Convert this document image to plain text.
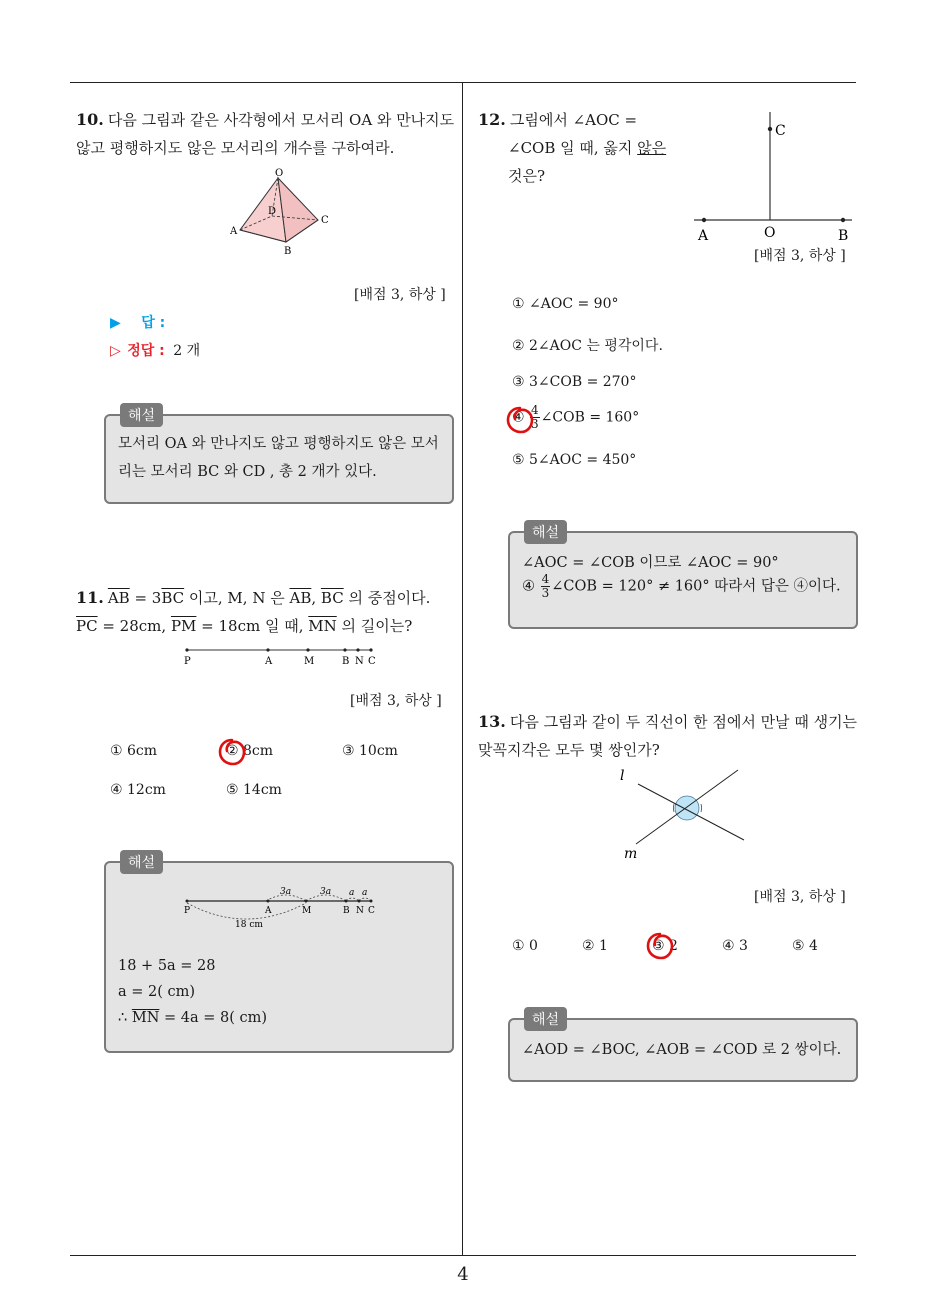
10. 다음 그림과 같은 사각형에서 모서리 OA 와 만나지도 않고 평행하지도 않은 모서리의 개수를 구하여라.
O
D
C
A
B
[배점 3, 하상 ]
▶ 답 :
▷ 정답 : 2 개
해설
모서리 OA 와 만나지도 않고 평행하지도 않은 모서리는 모서리 BC 와 CD , 총 2 개가 있다.
11. $\overline{AB} = 3\overline{BC}$ 이고, M, N 은 $\overline{AB}$, $\overline{BC}$ 의 중점이다.
$\overline{PC} = 28cm$, $\overline{PM} = 18cm$ 일 때, $\overline{MN}$ 의 길이는?
P	A	M	B N C
[배점 3, 하상 ]
① 6cm	② 8cm	③ 10cm
④ 12cm	⑤ 14cm
해설
3a	3a a a
P	A	M	B N C
18 cm
18 + 5a = 28
a = 2( cm)
∴ $\overline{MN} = 4a = 8$( cm)
12. 그림에서 ∠AOC =
∠COB 일 때, 옳지 않은
것은?
C
A	O	B
[배점 3, 하상 ]
① ∠AOC = 90°
② 2∠AOC 는 평각이다.
③ 3∠COB = 270°
④ $\frac{4}{3}$ ∠COB = 160°
⑤ 5∠AOC = 450°
해설
∠AOC = ∠COB 이므로 ∠AOC = 90°
④ $\frac{4}{3}$ ∠COB = 120° ≠ 160° 따라서 답은 ④이다.
13. 다음 그림과 같이 두 직선이 한 점에서 만날 때 생기는 맞꼭지각은 모두 몇 쌍인가?
l
m
[배점 3, 하상 ]
① 0	② 1	③ 2	④ 3	⑤ 4
해설
∠AOD = ∠BOC, ∠AOB = ∠COD 로 2 쌍이다.
4
